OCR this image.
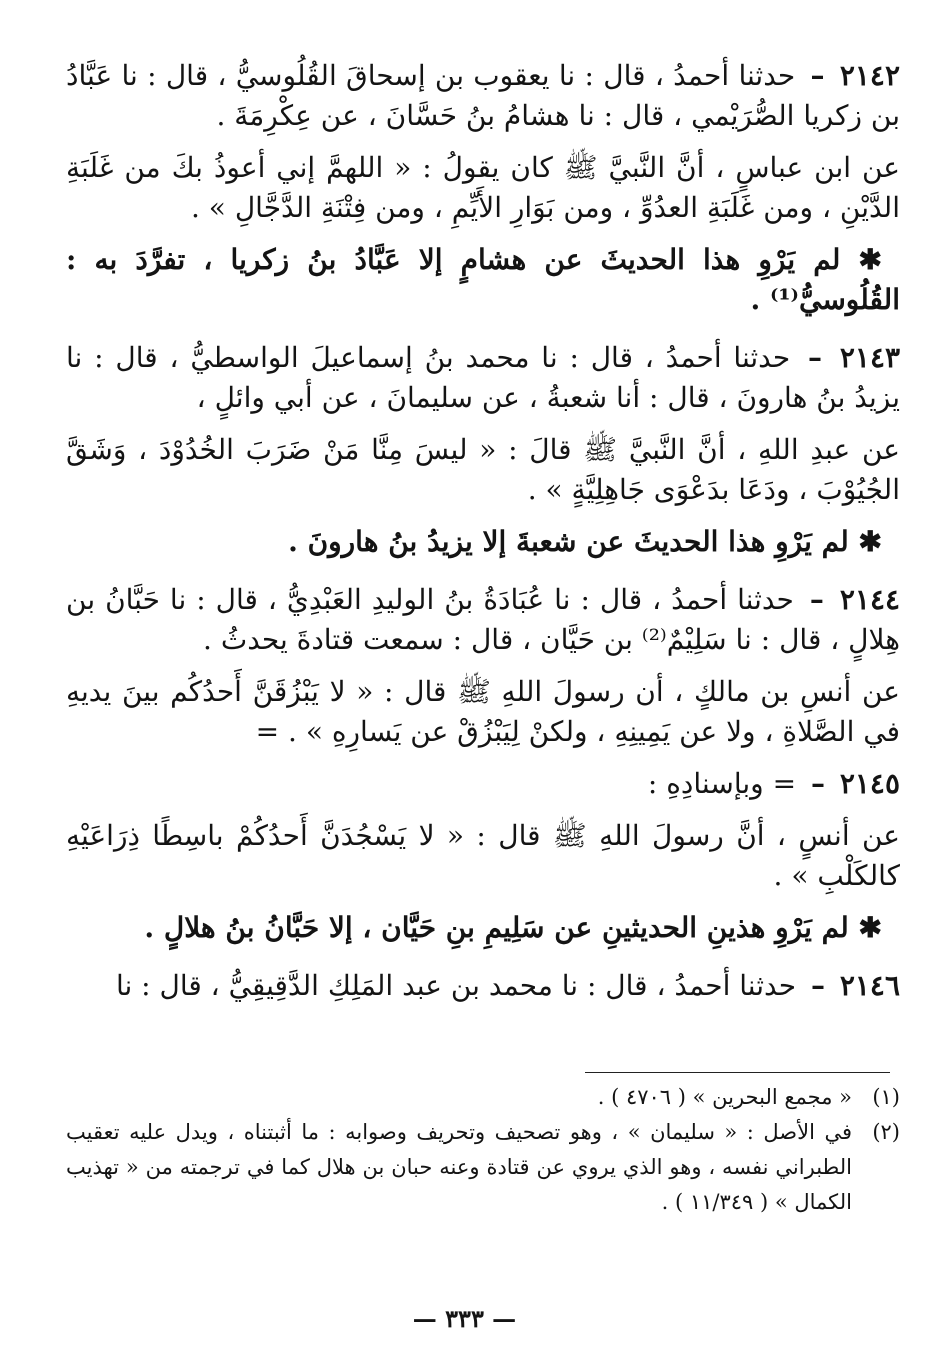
٢١٤٢ – حدثنا أحمدُ ، قال : نا يعقوب بن إسحاقَ القُلُوسيُّ ، قال : نا عَبَّادُ بن زكريا الصُّرَيْمي ، قال : نا هشامُ بنُ حَسَّانَ ، عن عِكْرِمَةَ .

عن ابن عباسٍ ، أنَّ النَّبيَّ ﷺ كان يقولُ : « اللهمَّ إني أعوذُ بكَ من غَلَبَةِ الدَّيْنِ ، ومن غَلَبَةِ العدُوِّ ، ومن بَوَارِ الأَيِّمِ ، ومن فِتْنَةِ الدَّجَّالِ » .

✱ لم يَرْوِ هذا الحديثَ عن هشامٍ إلا عَبَّادُ بنُ زكريا ، تفرَّدَ به : القُلُوسيُّ⁽¹⁾ .

٢١٤٣ – حدثنا أحمدُ ، قال : نا محمد بنُ إسماعيلَ الواسطيُّ ، قال : نا يزيدُ بنُ هارونَ ، قال : أنا شعبةُ ، عن سليمانَ ، عن أبي وائلٍ ،

عن عبدِ اللهِ ، أنَّ النَّبيَّ ﷺ قالَ : « ليسَ مِنَّا مَنْ ضَرَبَ الخُدُوْدَ ، وَشَقَّ الجُيُوْبَ ، ودَعَا بدَعْوَى جَاهِلِيَّةٍ » .

✱ لم يَرْوِ هذا الحديثَ عن شعبةَ إلا يزيدُ بنُ هارونَ .

٢١٤٤ – حدثنا أحمدُ ، قال : نا عُبَادَةُ بنُ الوليدِ العَبْدِيُّ ، قال : نا حَبَّانُ بن هِلالٍ ، قال : نا سَلِيْمٌ⁽²⁾ بن حَيَّان ، قال : سمعت قتادةَ يحدثُ .

عن أنسِ بن مالكٍ ، أن رسولَ اللهِ ﷺ قال : « لا يَبْزُقَنَّ أَحدُكُم بينَ يديهِ في الصَّلاةِ ، ولا عن يَمِينِهِ ، ولكنْ لِيَبْزُقْ عن يَسارِهِ » . =

٢١٤٥ – = وبإسنادِهِ :

عن أنسٍ ، أنَّ رسولَ اللهِ ﷺ قال : « لا يَسْجُدَنَّ أَحدُكُمْ باسِطًا ذِرَاعَيْهِ كالكَلْبِ » .

✱ لم يَرْوِ هذينِ الحديثينِ عن سَلِيمِ بنِ حَيَّان ، إلا حَبَّانُ بنُ هلالٍ .

٢١٤٦ – حدثنا أحمدُ ، قال : نا محمد بن عبد المَلِكِ الدَّقِيقِيُّ ، قال : نا

(١)
« مجمع البحرين » ( ٤٧٠٦ ) .

(٢)
في الأصل : « سليمان » ، وهو تصحيف وتحريف وصوابه : ما أثبتناه ، ويدل عليه تعقيب الطبراني نفسه ، وهو الذي يروي عن قتادة وعنه حبان بن هلال كما في ترجمته من « تهذيب الكمال » ( ١١/٣٤٩ ) .

— ٣٣٣ —
